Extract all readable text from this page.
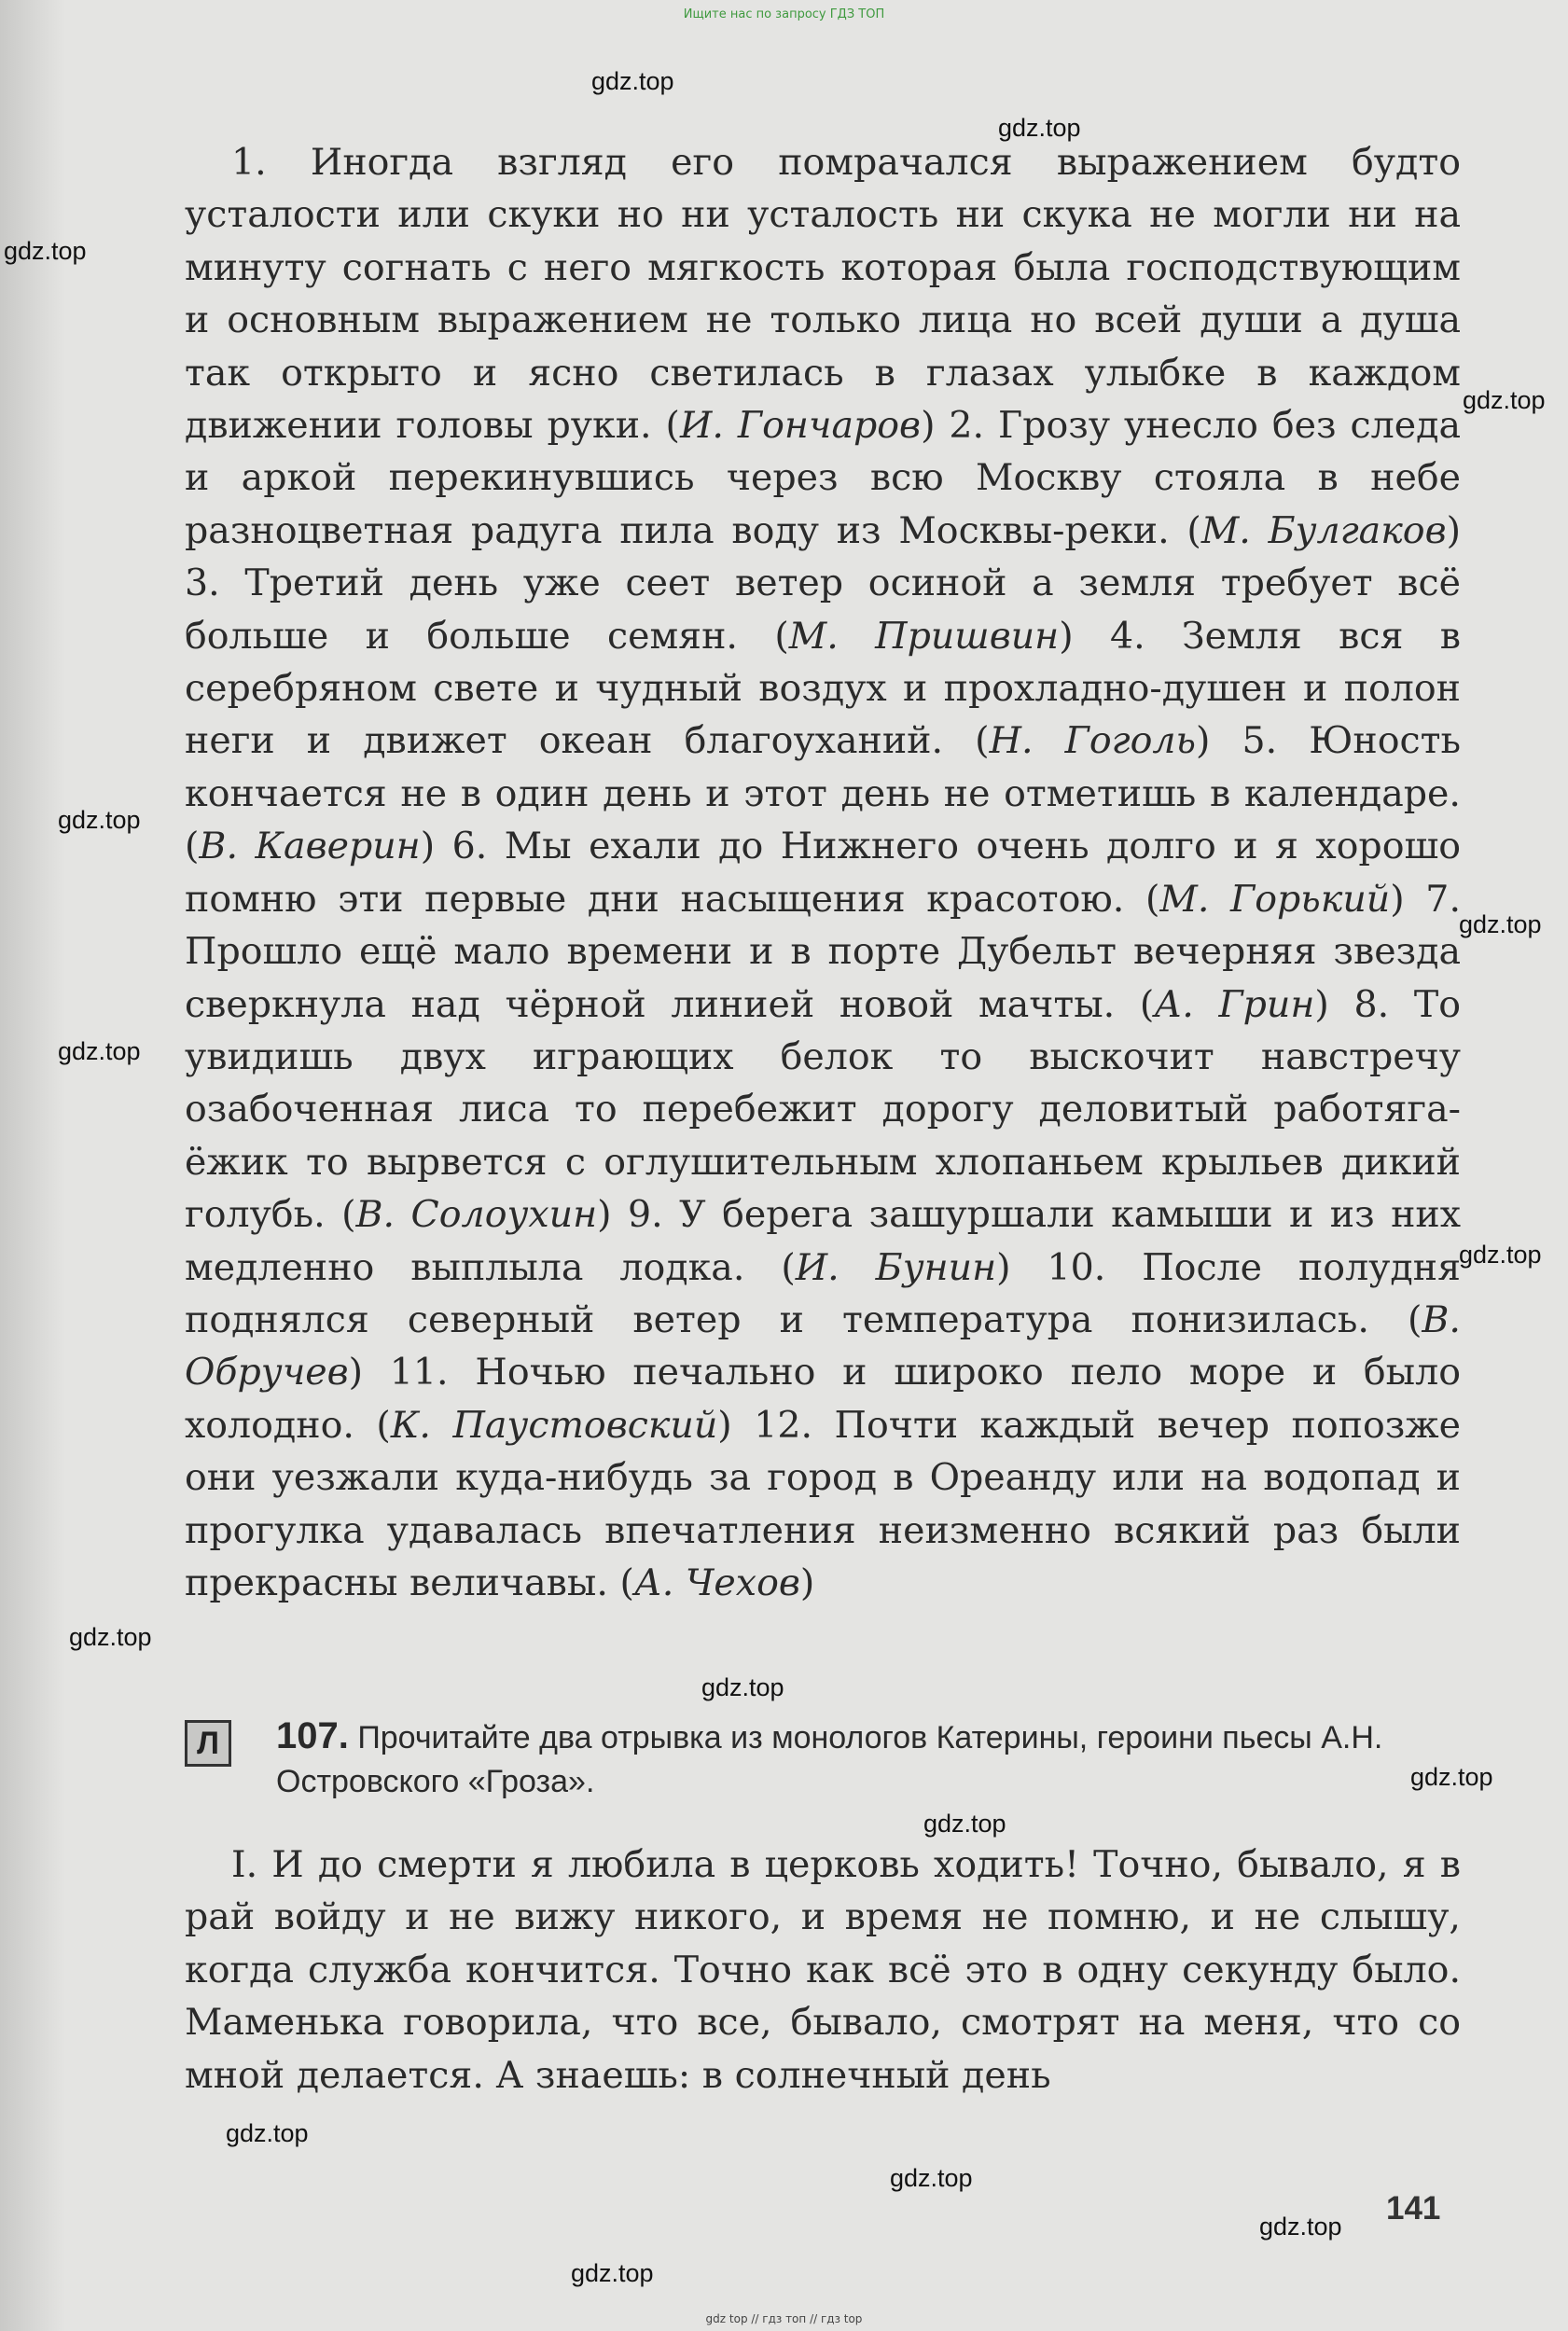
Ищите нас по запросу ГДЗ ТОП
1. Иногда взгляд его помрачался выражением будто усталости или скуки но ни усталость ни скука не могли ни на минуту согнать с него мягкость которая была господствующим и основным выражением не только лица но всей души а душа так открыто и ясно светилась в глазах улыбке в каждом движении головы руки. (И. Гончаров) 2. Грозу унесло без следа и аркой перекинувшись через всю Москву стояла в небе разноцветная радуга пила воду из Москвы-реки. (М. Булгаков) 3. Третий день уже сеет ветер осиной а земля требует всё больше и больше семян. (М. Пришвин) 4. Земля вся в серебряном свете и чудный воздух и прохладно-душен и полон неги и движет океан благоуханий. (Н. Гоголь) 5. Юность кончается не в один день и этот день не отметишь в календаре. (В. Каверин) 6. Мы ехали до Нижнего очень долго и я хорошо помню эти первые дни насыщения красотою. (М. Горький) 7. Прошло ещё мало времени и в порте Дубельт вечерняя звезда сверкнула над чёрной линией новой мачты. (А. Грин) 8. То увидишь двух играющих белок то выскочит навстречу озабоченная лиса то перебежит дорогу деловитый работяга-ёжик то вырвется с оглушительным хлопаньем крыльев дикий голубь. (В. Солоухин) 9. У берега зашуршали камыши и из них медленно выплыла лодка. (И. Бунин) 10. После полудня поднялся северный ветер и температура понизилась. (В. Обручев) 11. Ночью печально и широко пело море и было холодно. (К. Паустовский) 12. Почти каждый вечер попозже они уезжали куда-нибудь за город в Ореанду или на водопад и прогулка удавалась впечатления неизменно всякий раз были прекрасны величавы. (А. Чехов)
Л	107. Прочитайте два отрывка из монологов Катерины, героини пьесы А.Н. Островского «Гроза».
I. И до смерти я любила в церковь ходить! Точно, бывало, я в рай войду и не вижу никого, и время не помню, и не слышу, когда служба кончится. Точно как всё это в одну секунду было. Маменька говорила, что все, бывало, смотрят на меня, что со мной делается. А знаешь: в солнечный день
141
gdz.top
gdz.top
gdz.top
gdz.top
gdz.top
gdz.top
gdz.top
gdz.top
gdz.top
gdz.top
gdz.top
gdz.top
gdz.top
gdz.top
gdz.top
gdz.top
gdz top // гдз топ // гдз top
